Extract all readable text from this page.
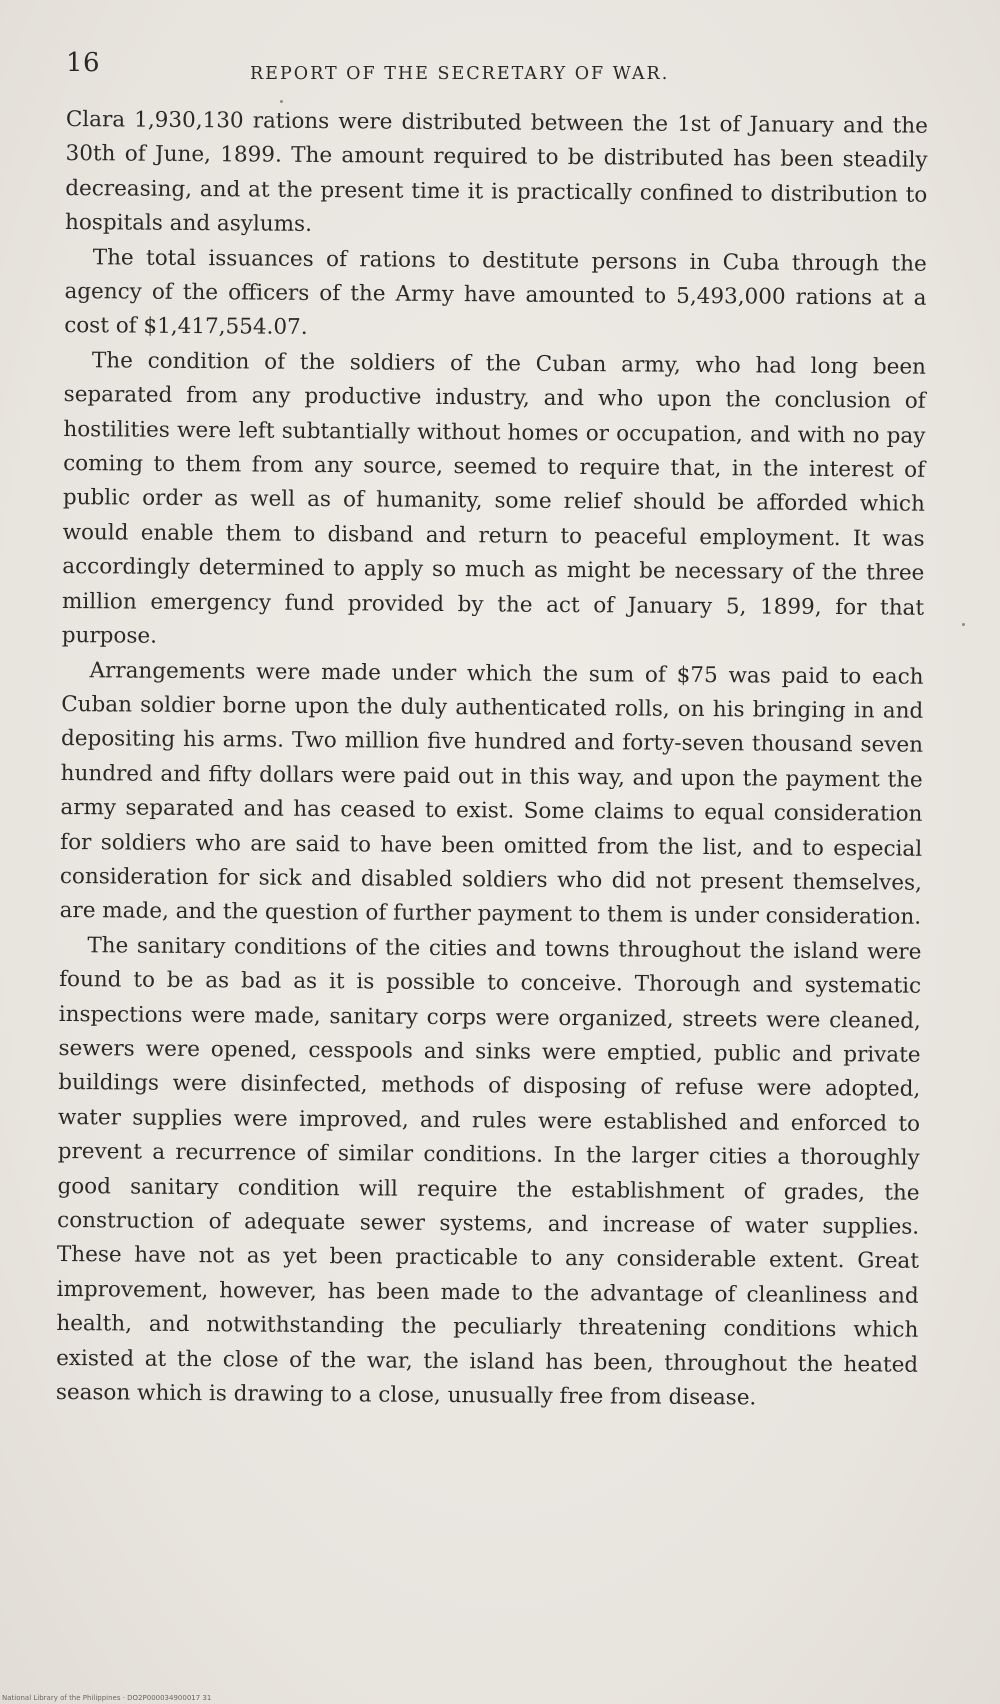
16	REPORT OF THE SECRETARY OF WAR.

Clara 1,930,130 rations were distributed between the 1st of January and the 30th of June, 1899. The amount required to be distributed has been steadily decreasing, and at the present time it is practically confined to distribution to hospitals and asylums.

The total issuances of rations to destitute persons in Cuba through the agency of the officers of the Army have amounted to 5,493,000 rations at a cost of $1,417,554.07.

The condition of the soldiers of the Cuban army, who had long been separated from any productive industry, and who upon the conclusion of hostilities were left subtantially without homes or occupation, and with no pay coming to them from any source, seemed to require that, in the interest of public order as well as of humanity, some relief should be afforded which would enable them to disband and return to peaceful employment. It was accordingly determined to apply so much as might be necessary of the three million emergency fund provided by the act of January 5, 1899, for that purpose.

Arrangements were made under which the sum of $75 was paid to each Cuban soldier borne upon the duly authenticated rolls, on his bringing in and depositing his arms. Two million five hundred and forty-seven thousand seven hundred and fifty dollars were paid out in this way, and upon the payment the army separated and has ceased to exist. Some claims to equal consideration for soldiers who are said to have been omitted from the list, and to especial consideration for sick and disabled soldiers who did not present themselves, are made, and the question of further payment to them is under consideration.

The sanitary conditions of the cities and towns throughout the island were found to be as bad as it is possible to conceive. Thorough and systematic inspections were made, sanitary corps were organized, streets were cleaned, sewers were opened, cesspools and sinks were emptied, public and private buildings were disinfected, methods of disposing of refuse were adopted, water supplies were improved, and rules were established and enforced to prevent a recurrence of similar conditions. In the larger cities a thoroughly good sanitary condition will require the establishment of grades, the construction of adequate sewer systems, and increase of water supplies. These have not as yet been practicable to any considerable extent. Great improvement, however, has been made to the advantage of cleanliness and health, and notwithstanding the peculiarly threatening conditions which existed at the close of the war, the island has been, throughout the heated season which is drawing to a close, unusually free from disease.

National Library of the Philippines · DO2P000034900017 31
